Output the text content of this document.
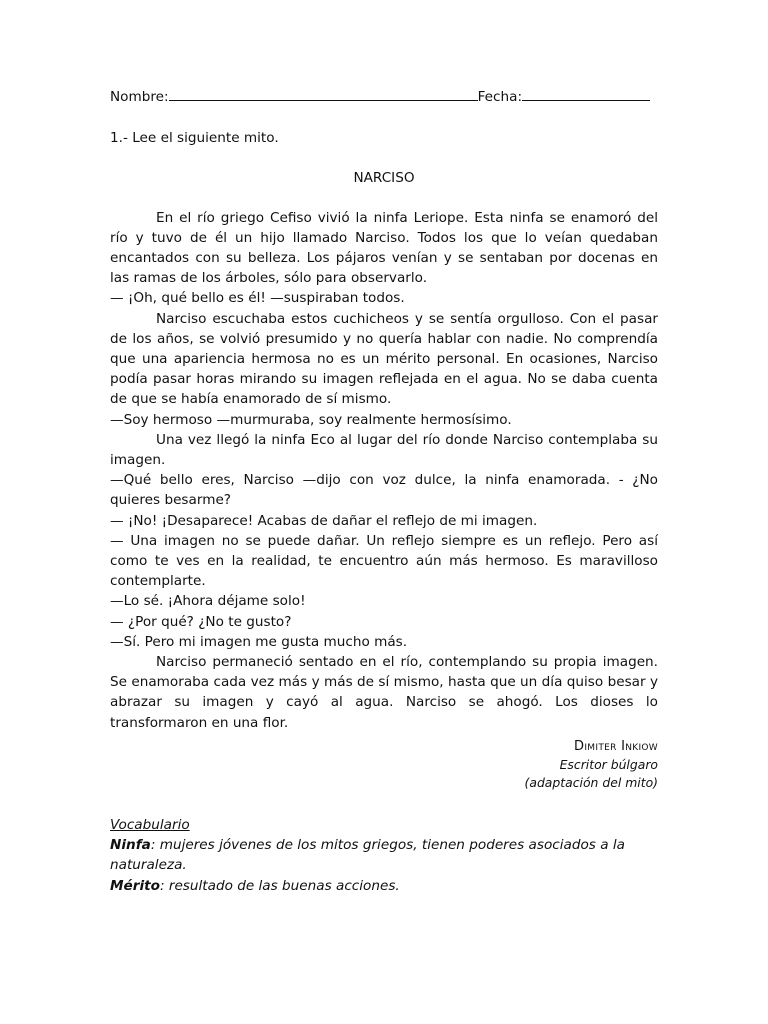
Nombre:	Fecha:
1.- Lee el siguiente mito.
NARCISO

En el río griego Cefiso vivió la ninfa Leriope. Esta ninfa se enamoró del río y tuvo de él un hijo llamado Narciso. Todos los que lo veían quedaban encantados con su belleza. Los pájaros venían y se sentaban por docenas en las ramas de los árboles, sólo para observarlo.

— ¡Oh, qué bello es él! —suspiraban todos.

Narciso escuchaba estos cuchicheos y se sentía orgulloso. Con el pasar de los años, se volvió presumido y no quería hablar con nadie. No comprendía que una apariencia hermosa no es un mérito personal. En ocasiones, Narciso podía pasar horas mirando su imagen reflejada en el agua. No se daba cuenta de que se había enamorado de sí mismo.

—Soy hermoso —murmuraba, soy realmente hermosísimo.

Una vez llegó la ninfa Eco al lugar del río donde Narciso contemplaba su imagen.

—Qué bello eres, Narciso —dijo con voz dulce, la ninfa enamorada. - ¿No quieres besarme?

— ¡No! ¡Desaparece! Acabas de dañar el reflejo de mi imagen.

— Una imagen no se puede dañar. Un reflejo siempre es un reflejo. Pero así como te ves en la realidad, te encuentro aún más hermoso. Es maravilloso contemplarte.

—Lo sé. ¡Ahora déjame solo!

— ¿Por qué? ¿No te gusto?

—Sí. Pero mi imagen me gusta mucho más.

Narciso permaneció sentado en el río, contemplando su propia imagen. Se enamoraba cada vez más y más de sí mismo, hasta que un día quiso besar y abrazar su imagen y cayó al agua. Narciso se ahogó. Los dioses lo transformaron en una flor.

Dimiter Inkiow
Escritor búlgaro
(adaptación del mito)
Vocabulario

Ninfa: mujeres jóvenes de los mitos griegos, tienen poderes asociados a la naturaleza.

Mérito: resultado de las buenas acciones.
